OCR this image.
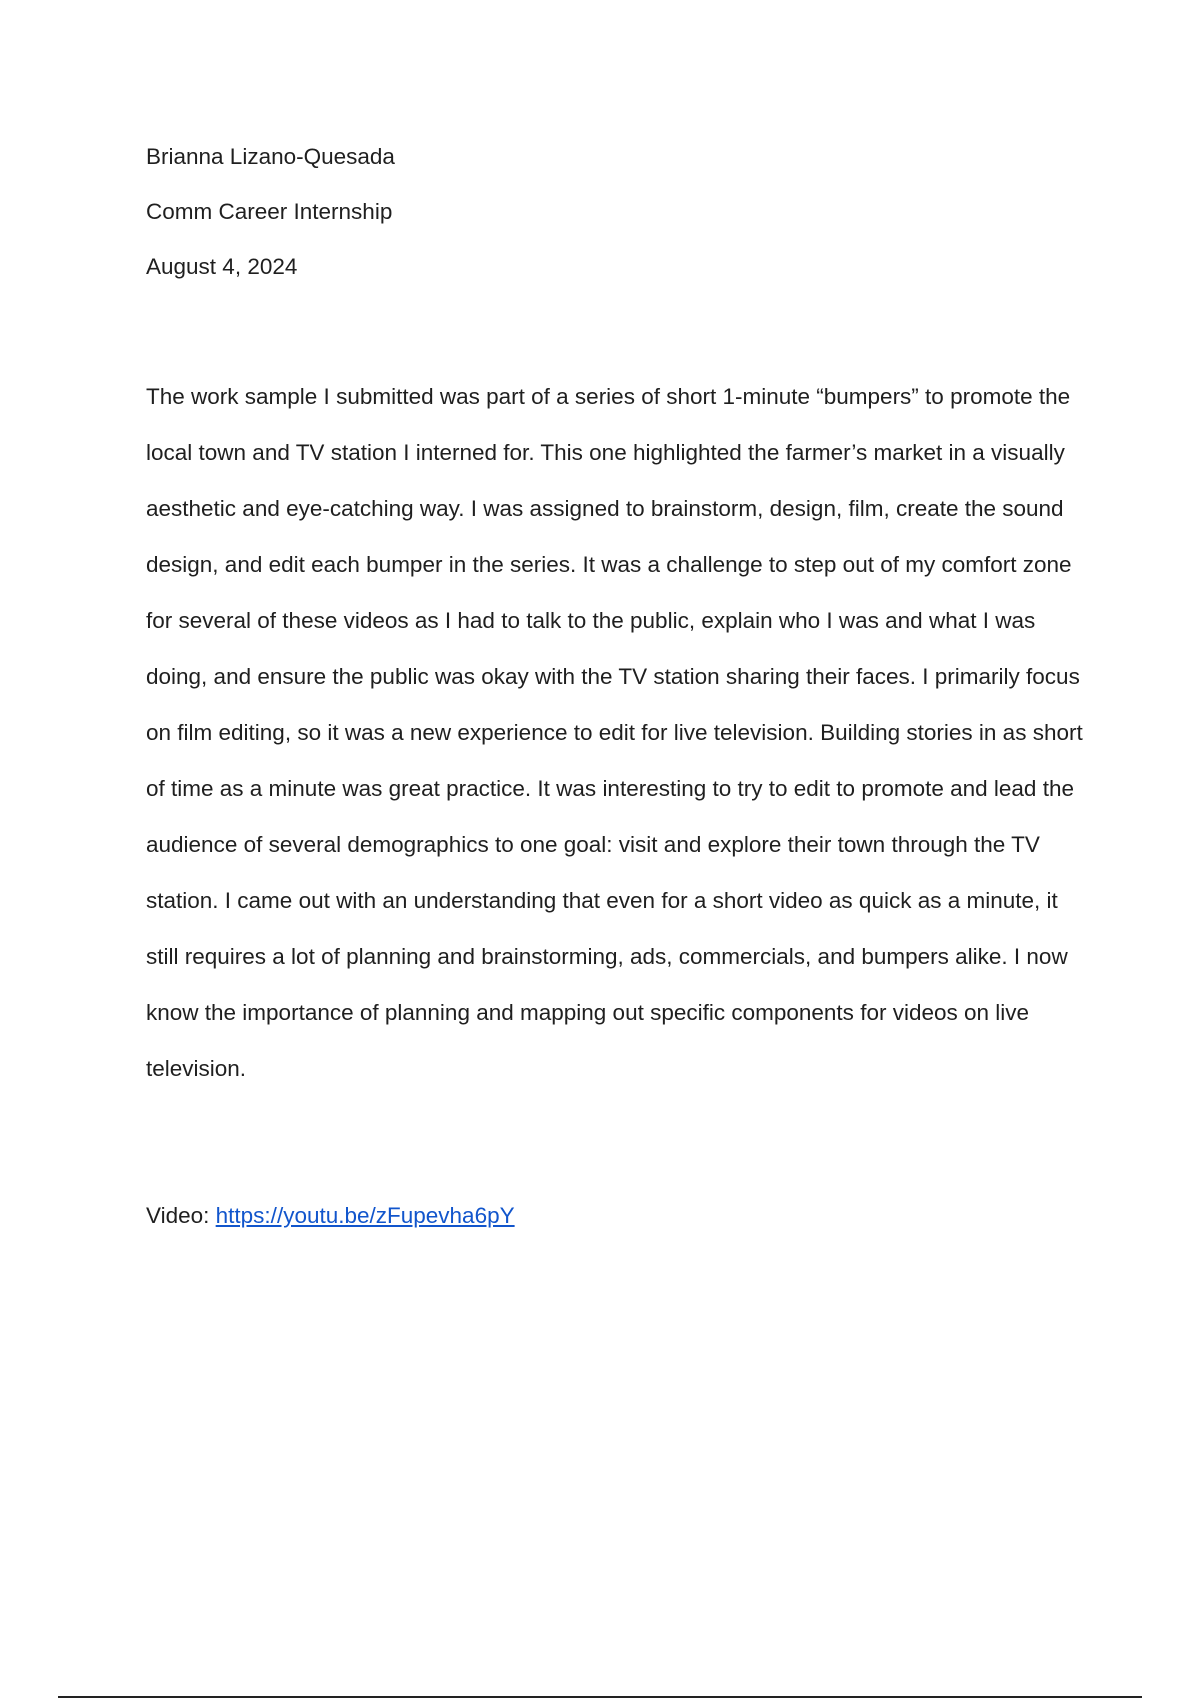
Brianna Lizano-Quesada

Comm Career Internship

August 4, 2024

The work sample I submitted was part of a series of short 1-minute “bumpers” to promote the local town and TV station I interned for. This one highlighted the farmer’s market in a visually aesthetic and eye-catching way. I was assigned to brainstorm, design, film, create the sound design, and edit each bumper in the series. It was a challenge to step out of my comfort zone for several of these videos as I had to talk to the public, explain who I was and what I was doing, and ensure the public was okay with the TV station sharing their faces. I primarily focus on film editing, so it was a new experience to edit for live television. Building stories in as short of time as a minute was great practice. It was interesting to try to edit to promote and lead the audience of several demographics to one goal: visit and explore their town through the TV station. I came out with an understanding that even for a short video as quick as a minute, it still requires a lot of planning and brainstorming, ads, commercials, and bumpers alike. I now know the importance of planning and mapping out specific components for videos on live television.

Video: https://youtu.be/zFupevha6pY
